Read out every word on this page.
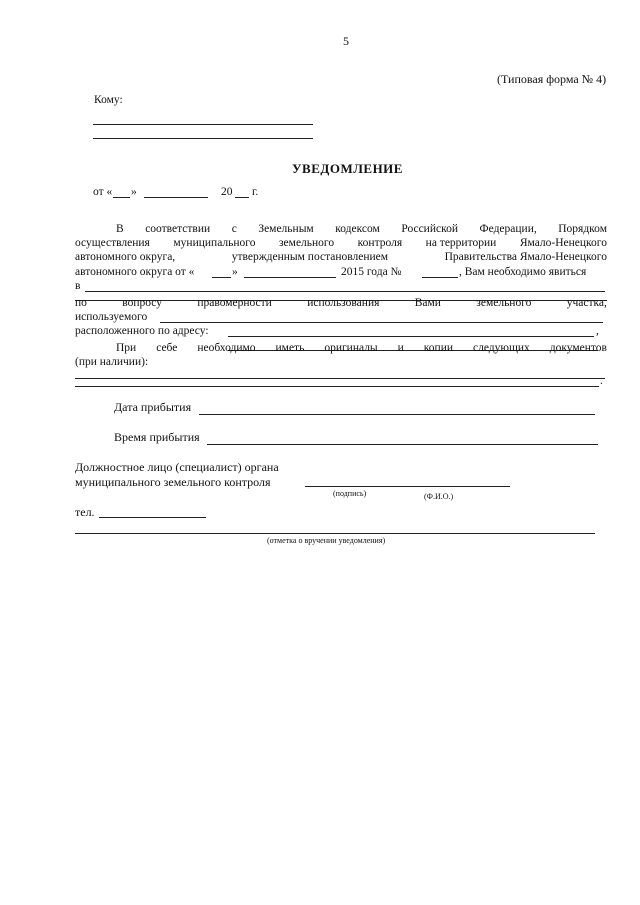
5
(Типовая форма № 4)
Кому:
УВЕДОМЛЕНИЕ
от « »	20 г.
В соответствии с Земельным кодексом Российской Федерации, Порядком
осуществления муниципального земельного контроля на территории Ямало-Ненецкого
автономного округа,	утвержденным постановлением	Правительства Ямало-Ненецкого
автономного округа от «	»	2015 года №	, Вам необходимо явиться
в
по	вопросу	правомерности	использования	Вами	земельного	участка,
используемого
расположенного по адресу:	,
При себе необходимо иметь оригиналы и копии следующих документов
(при наличии):
.
Дата прибытия
Время прибытия
Должностное лицо (специалист) органа
муниципального земельного контроля
(подпись)	(Ф.И.О.)
тел.
(отметка о вручении уведомления)
